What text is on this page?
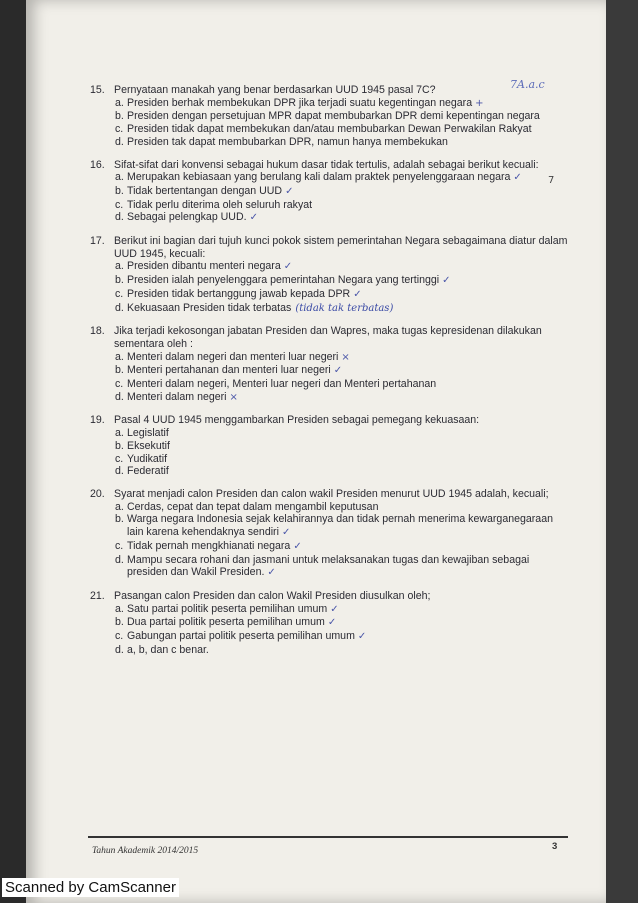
7A.a.c
7
15. Pernyataan manakah yang benar berdasarkan UUD 1945 pasal 7C?
a. Presiden berhak membekukan DPR jika terjadi suatu kegentingan negara +
b. Presiden dengan persetujuan MPR dapat membubarkan DPR demi kepentingan negara
c. Presiden tidak dapat membekukan dan/atau membubarkan Dewan Perwakilan Rakyat
d. Presiden tak dapat membubarkan DPR, namun hanya membekukan
16. Sifat-sifat dari konvensi sebagai hukum dasar tidak tertulis, adalah sebagai berikut kecuali:
a. Merupakan kebiasaan yang berulang kali dalam praktek penyelenggaraan negara ✓
b. Tidak bertentangan dengan UUD ✓
c. Tidak perlu diterima oleh seluruh rakyat
d. Sebagai pelengkap UUD. ✓
17. Berikut ini bagian dari tujuh kunci pokok sistem pemerintahan Negara sebagaimana diatur dalam UUD 1945, kecuali:
a. Presiden dibantu menteri negara ✓
b. Presiden ialah penyelenggara pemerintahan Negara yang tertinggi ✓
c. Presiden tidak bertanggung jawab kepada DPR ✓
d. Kekuasaan Presiden tidak terbatas (tidak tak terbatas)
18. Jika terjadi kekosongan jabatan Presiden dan Wapres, maka tugas kepresidenan dilakukan sementara oleh :
a. Menteri dalam negeri dan menteri luar negeri ×
b. Menteri pertahanan dan menteri luar negeri ✓
c. Menteri dalam negeri, Menteri luar negeri dan Menteri pertahanan
d. Menteri dalam negeri ×
19. Pasal 4 UUD 1945 menggambarkan Presiden sebagai pemegang kekuasaan:
a. Legislatif
b. Eksekutif
c. Yudikatif
d. Federatif
20. Syarat menjadi calon Presiden dan calon wakil Presiden menurut UUD 1945 adalah, kecuali;
a. Cerdas, cepat dan tepat dalam mengambil keputusan
b. Warga negara Indonesia sejak kelahirannya dan tidak pernah menerima kewarganegaraan lain karena kehendaknya sendiri ✓
c. Tidak pernah mengkhianati negara ✓
d. Mampu secara rohani dan jasmani untuk melaksanakan tugas dan kewajiban sebagai presiden dan Wakil Presiden. ✓
21. Pasangan calon Presiden dan calon Wakil Presiden diusulkan oleh;
a. Satu partai politik peserta pemilihan umum ✓
b. Dua partai politik peserta pemilihan umum ✓
c. Gabungan partai politik peserta pemilihan umum ✓
d. a, b, dan c benar.
Tahun Akademik 2014/2015	3
Scanned by CamScanner
